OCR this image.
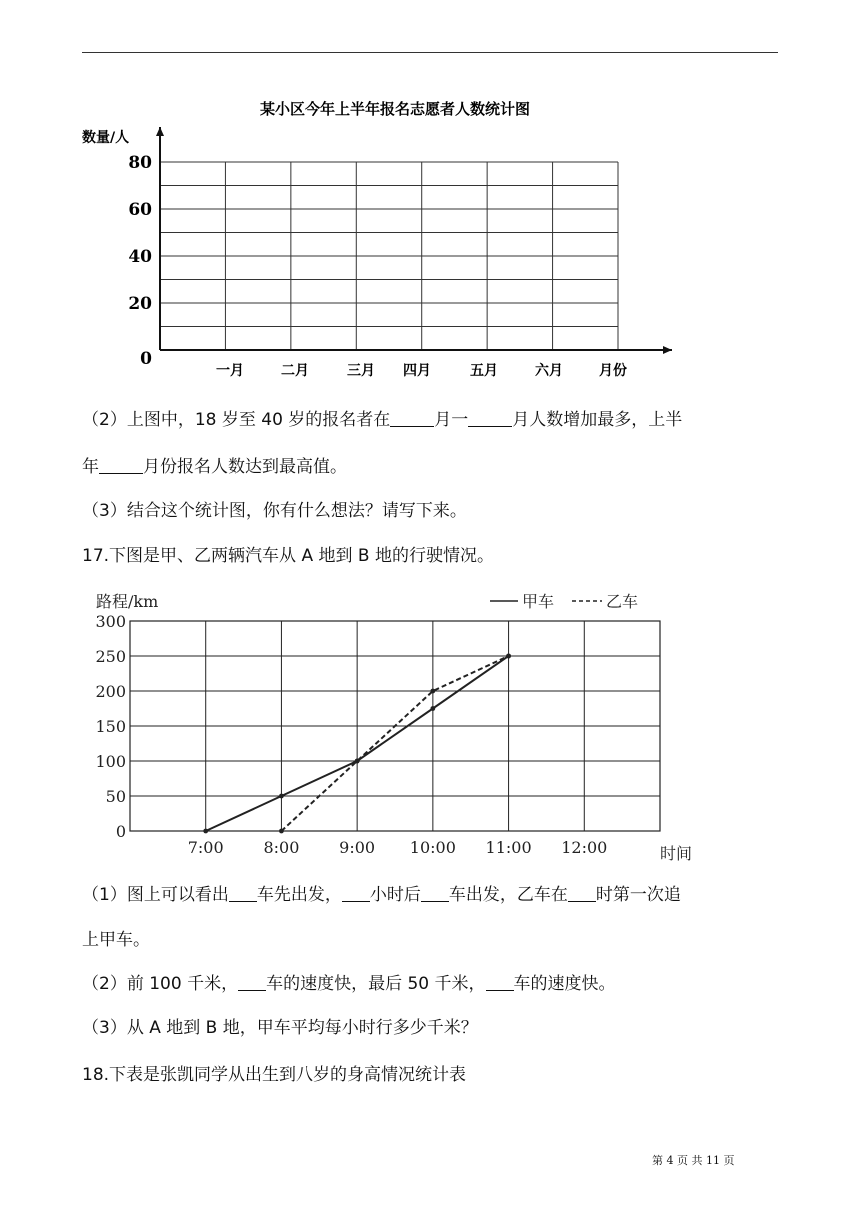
某小区今年上半年报名志愿者人数统计图
数量/人
月份
0
20
40
60
80
一月	二月	三月 四月	五月	六月
（2）上图中，18 岁至 40 岁的报名者在	月一	月人数增加最多，上半
年	月份报名人数达到最高值。
（3）结合这个统计图，你有什么想法？请写下来。
17.下图是甲、乙两辆汽车从 A 地到 B 地的行驶情况。
0
50
100
150
200
250
300
7:00 8:00 9:00 10:00 11:00 12:00
路程/km
时间
甲车	乙车
（1）图上可以看出 车先出发， 小时后 车出发，乙车在 时第一次追
上甲车。
（2）前 100 千米， 车的速度快，最后 50 千米， 车的速度快。
（3）从 A 地到 B 地，甲车平均每小时行多少千米？
18.下表是张凯同学从出生到八岁的身高情况统计表
第 4 页 共 11 页
